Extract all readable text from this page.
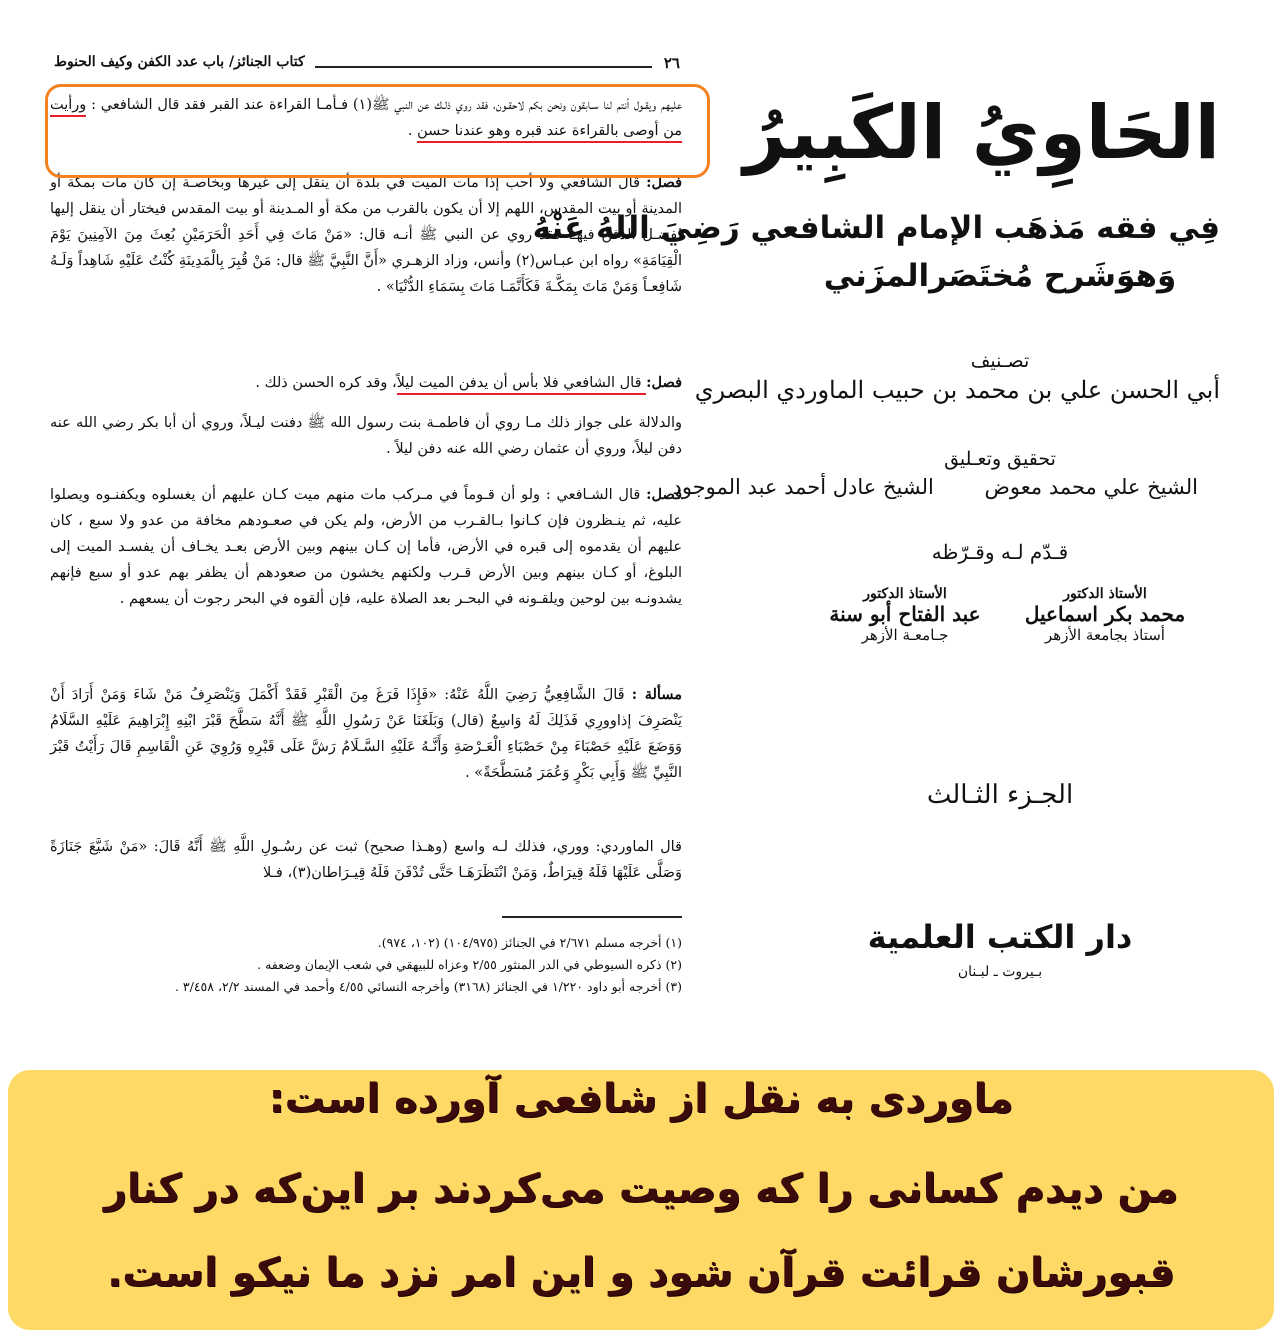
٢٦
كتاب الجنائز/ باب عدد الكفن وكيف الحنوط
عليهم ويقـول أنتم لنا سـابقون ونحن بكم لاحقـون، فقد روي ذلـك عن النبي ﷺ(١) فـأمـا القراءة عند القبر فقد قال الشافعي : ورأيت من أوصى بالقراءة عند قبره وهو عندنا حسن .
فصل: قال الشافعي ولا أحب إذا مات الميت في بلدة أن ينقل إلى غيرها وبخاصـة إن كان مات بمكة أو المدينة أو بيت المقدس، اللهم إلا أن يكون بالقرب من مكة أو المـدينة أو بيت المقدس فيختار أن ينقل إليها لفضـل الدفن فيهـا فقد روي عن النبي ﷺ أنـه قال: «مَنْ مَاتَ فِي أَحَدِ الْحَرَمَيْنِ بُعِثَ مِنَ الآمِنِينَ يَوْمَ الْقِيَامَةِ» رواه ابن عبـاس(٢) وأنس، وزاد الزهـري «أَنَّ النَّبِيَّ ﷺ قال: مَنْ قُبِرَ بِالْمَدِينَةِ كُنْتُ عَلَيْهِ شَاهِداً وَلَـهُ شَافِعـاً وَمَنْ مَاتَ بِمَكَّـةَ فَكَأَنَّمَـا مَاتَ بِسَمَاءِ الدُّنْيَا» .
فصل: قال الشافعي فلا بأس أن يدفن الميت ليلاً، وقد كره الحسن ذلك .
والدلالة على جواز ذلك مـا روي أن فاطمـة بنت رسول الله ﷺ دفنت ليـلاً، وروي أن أبا بكر رضي الله عنه دفن ليلاً، وروي أن عثمان رضي الله عنه دفن ليلاً .
فصل: قال الشـافعي : ولو أن قـوماً في مـركب مات منهم ميت كـان عليهم أن يغسلوه ويكفنـوه ويصلوا عليه، ثم ينـظرون فإن كـانوا بـالقـرب من الأرض، ولم يكن في صعـودهم مخافة من عدو ولا سبع ، كان عليهم أن يقدموه إلى قبره في الأرض، فأما إن كـان بينهم وبين الأرض بعـد يخـاف أن يفسـد الميت إلى البلوغ، أو كـان بينهم وبين الأرض قـرب ولكنهم يخشون من صعودهم أن يظفر بهم عدو أو سبع فإنهم يشدونـه بين لوحين ويلقـونه في البحـر بعد الصلاة عليه، فإن ألقوه في البحر رجوت أن يسعهم .
مسألة : قَالَ الشَّافِعِيُّ رَضِيَ اللَّهُ عَنْهُ: «فَإِذَا فَرَغَ مِنَ الْقَبْرِ فَقَدْ أَكْمَلَ وَيَنْصَرِفُ مَنْ شَاءَ وَمَنْ أَرَادَ أَنْ يَنْصَرِفَ إذاوورِي فَذَلِكَ لَهُ وَاسِعٌ (قال) وَبَلَغَنَا عَنْ رَسُولِ اللَّهِ ﷺ أَنَّهُ سَطَّحَ قَبْرَ ابْنِهِ إِبْرَاهِيمَ عَلَيْهِ السَّلَامُ وَوَضَعَ عَلَيْهِ حَصْبَاءَ مِنْ حَصْبَاءِ الْعَـرْصَةِ وَأَنَّـهُ عَلَيْهِ السَّـلَامُ رَشَّ عَلَى قَبْرِهِ وَرُوِيَ عَنِ الْقَاسِمِ قَالَ رَأَيْتُ قَبْرَ النَّبِيِّ ﷺ وَأَبِي بَكْرٍ وَعُمَرَ مُسَطَّحَةً» .
قال الماوردي: ووري، فذلك لـه واسع (وهـذا صحيح) ثبت عن رسُـولِ اللَّهِ ﷺ أَنَّهُ قَالَ: «مَنْ شَيَّعَ جَنَازَةً وَصَلَّى عَلَيْهَا فَلَهُ قِيرَاطٌ، وَمَنْ انْتَظَرَهَـا حَتَّى تُدْفَنَ فَلَهُ قِيـرَاطان(٣)، فـلا
(١) أخرجه مسلم ٢/٦٧١ في الجنائز (١٠٤/٩٧٥) (١٠٢، ٩٧٤).
(٢) ذكره السيوطي في الدر المنثور ٢/٥٥ وعزاه للبيهقي في شعب الإيمان وضعفه .
(٣) أخرجه أبو داود ١/٢٢٠ في الجنائز (٣١٦٨) وأخرجه النسائي ٤/٥٥ وأحمد في المسند ٢/٢، ٣/٤٥٨ .
الحَاوِيُ الكَبِيرُ
فِي فقه مَذهَب الإمام الشافعي رَضِيَ اللهُ عَنْهُ
وَهوَشَرح مُختَصَرالمزَني
تصـنيف
أبي الحسن علي بن محمد بن حبيب الماوردي البصري
تحقيق وتعـليق
الشيخ علي محمد معوض الشيخ عادل أحمد عبد الموجود
قـدّم لـه وقـرّظه
الأستاذ الدكتور
محمد بكر اسماعيل
أستاذ بجامعة الأزهر
الأستاذ الدكتور
عبد الفتاح أبو سنة
جـامعـة الأزهر
الجـزء الثـالث
دار الكتب العلمية
بـيروت ـ لبـنان
ماوردی به نقل از شافعی آورده است:
من دیدم کسانی را که وصیت می‌کردند بر این‌که در کنار
قبورشان قرائت قرآن شود و این امر نزد ما نیکو است.
